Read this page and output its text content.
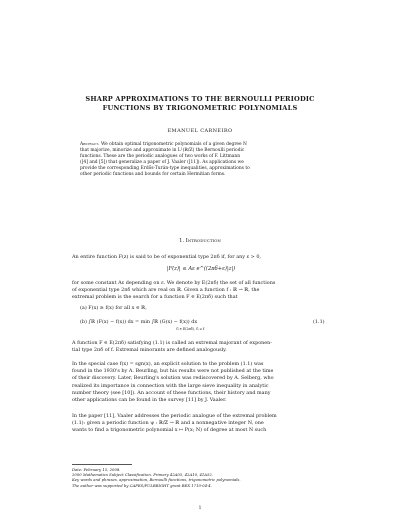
SHARP APPROXIMATIONS TO THE BERNOULLI PERIODIC
FUNCTIONS BY TRIGONOMETRIC POLYNOMIALS
EMANUEL CARNEIRO
Abstract. We obtain optimal trigonometric polynomials of a given degree N
that majorize, minorize and approximate in L¹(ℝ/ℤ) the Bernoulli periodic
functions. These are the periodic analogues of two works of F. Littmann
([4] and [5]) that generalize a paper of J. Vaaler ([11]). As applications we
provide the corresponding Erdős-Turán-type inequalities, approximations to
other periodic functions and bounds for certain Hermitian forms.
1. Introduction
An entire function F(z) is said to be of exponential type 2πδ if, for any ε > 0,
|F(z)| ≤ Aε e^((2πδ+ε)|z|)
for some constant Aε depending on ε. We denote by E(2πδ) the set of all functions
of exponential type 2πδ which are real on ℝ. Given a function f : ℝ → ℝ, the
extremal problem is the search for a function F ∈ E(2πδ) such that
(a) F(x) ≥ f(x) for all x ∈ ℝ,
(b) ∫ℝ (F(x) − f(x)) dx = min ∫ℝ (G(x) − f(x)) dx
G ∈ E(2πδ), G ≥ f
(1.1)
A function F ∈ E(2πδ) satisfying (1.1) is called an extremal majorant of exponen-
tial type 2πδ of f. Extremal minorants are defined analogously.
In the special case f(x) = sgn(x), an explicit solution to the problem (1.1) was
found in the 1930's by A. Beurling, but his results were not published at the time
of their discovery. Later, Beurling's solution was rediscovered by A. Selberg, who
realized its importance in connection with the large sieve inequality in analytic
number theory (see [10]). An account of these functions, their history and many
other applications can be found in the survey [11] by J. Vaaler.
In the paper [11], Vaaler addresses the periodic analogue of the extremal problem
(1.1): given a periodic function ψ : ℝ/ℤ → ℝ and a nonnegative integer N, one
wants to find a trigonometric polynomial x ↦ P(x; N) of degree at most N such
Date: February 15, 2008.
2000 Mathematics Subject Classification. Primary 42A05, 42A10, 41A52.
Key words and phrases. approximation, Bernoulli functions, trigonometric polynomials.
The author was supported by CAPES/FULBRIGHT grant BEX 1710-04-4.
1
